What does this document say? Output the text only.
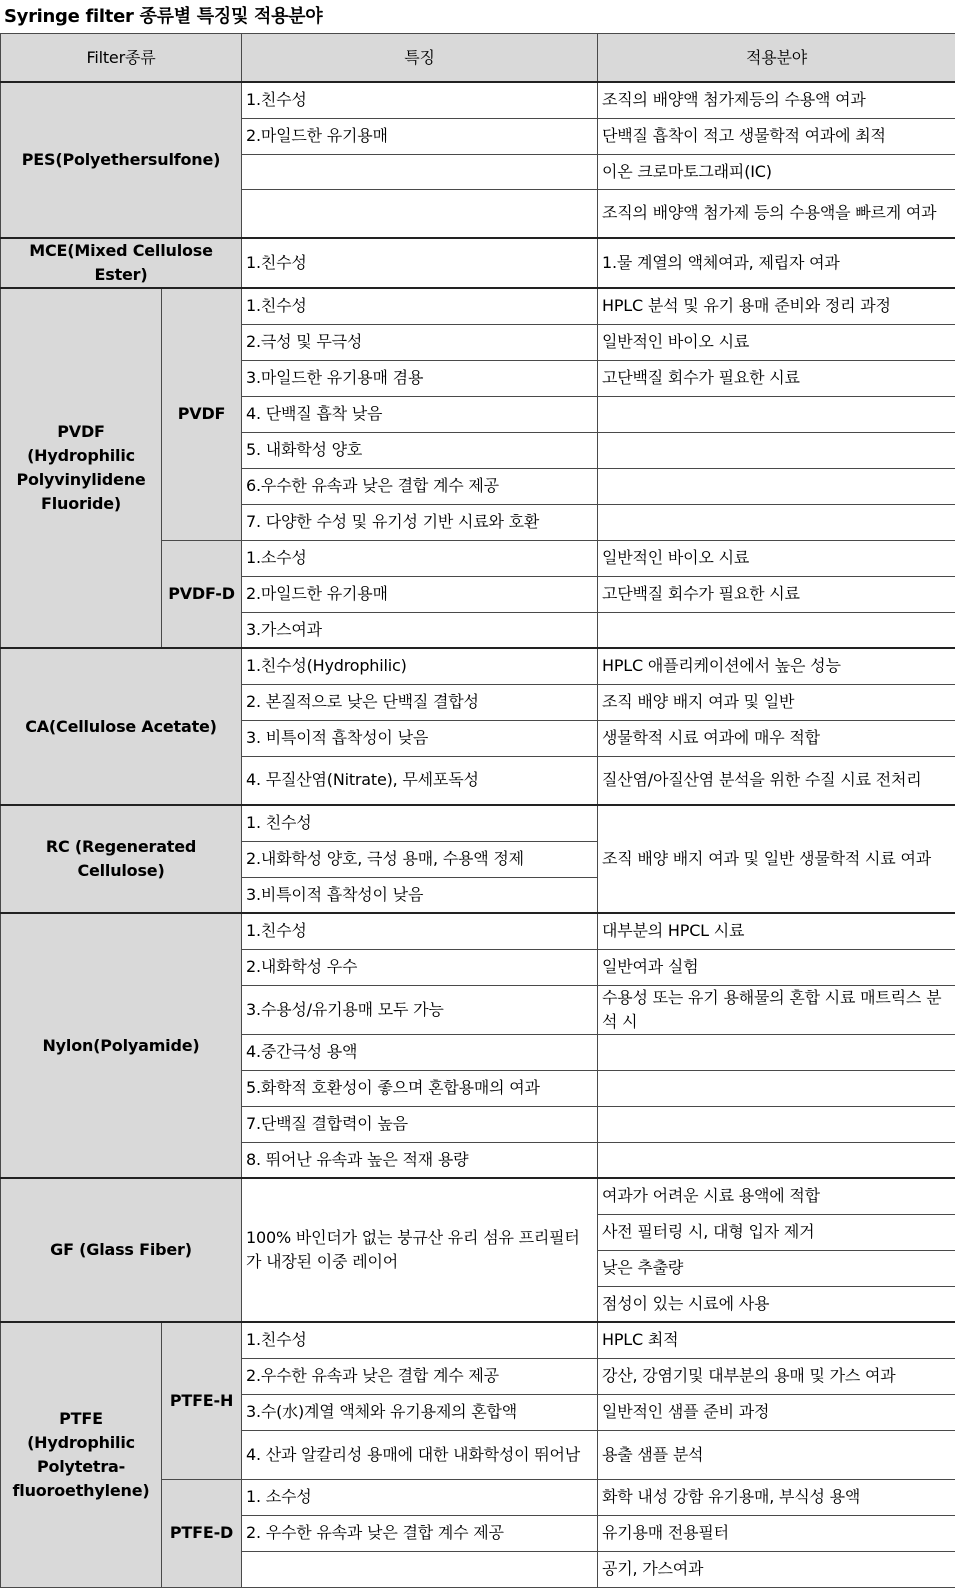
Syringe filter 종류별 특징및 적용분야
Filter종류		특징	적용분야
PES(Polyethersulfone)		1.친수성	조직의 배양액 첨가제등의 수용액 여과
		2.마일드한 유기용매	단백질 흡착이 적고 생물학적 여과에 최적
			이온 크로마토그래피(IC)
			조직의 배양액 첨가제 등의 수용액을 빠르게 여과
MCE(Mixed Cellulose Ester)		1.친수성	1.물 계열의 액체여과, 제립자 여과

PVDF
(Hydrophilic
Polyvinylidene
Fluoride)	PVDF	1.친수성	HPLC 분석 및 유기 용매 준비와 정리 과정
		2.극성 및 무극성	일반적인 바이오 시료
		3.마일드한 유기용매 겸용	고단백질 회수가 필요한 시료
		4. 단백질 흡착 낮음	
		5. 내화학성 양호	
		6.우수한 유속과 낮은 결합 계수 제공	
		7. 다양한 수성 및 유기성 기반 시료와 호환	
	PVDF-D	1.소수성	일반적인 바이오 시료
		2.마일드한 유기용매	고단백질 회수가 필요한 시료
		3.가스여과	
CA(Cellulose Acetate)		1.친수성(Hydrophilic)	HPLC 애플리케이션에서 높은 성능
		2. 본질적으로 낮은 단백질 결합성	조직 배양 배지 여과 및 일반
		3. 비특이적 흡착성이 낮음	생물학적 시료 여과에 매우 적합
		4. 무질산염(Nitrate), 무세포독성	질산염/아질산염 분석을 위한 수질 시료 전처리
RC (Regenerated Cellulose)		1. 친수성	조직 배양 배지 여과 및 일반 생물학적 시료 여과
		2.내화학성 양호, 극성 용매, 수용액 정제	
		3.비특이적 흡착성이 낮음	
Nylon(Polyamide)		1.친수성	대부분의 HPCL 시료
		2.내화학성 우수	일반여과 실험
		3.수용성/유기용매 모두 가능	수용성 또는 유기 용해물의 혼합 시료 매트릭스 분석 시
		4.중간극성 용액	
		5.화학적 호환성이 좋으며 혼합용매의 여과	
		7.단백질 결합력이 높음	
		8. 뛰어난 유속과 높은 적재 용량	
GF (Glass Fiber)		100% 바인더가 없는 붕규산 유리 섬유 프리필터가 내장된 이중 레이어	여과가 어려운 시료 용액에 적합
			사전 필터링 시, 대형 입자 제거
			낮은 추출량
			점성이 있는 시료에 사용

PTFE
(Hydrophilic
Polytetra-
fluoroethylene)	PTFE-H	1.친수성	HPLC 최적
		2.우수한 유속과 낮은 결합 계수 제공	강산, 강염기및 대부분의 용매 및 가스 여과
		3.수(水)계열 액체와 유기용제의 혼합액	일반적인 샘플 준비 과정
		4. 산과 알칼리성 용매에 대한 내화학성이 뛰어남	용출 샘플 분석
	PTFE-D	1. 소수성	화학 내성 강함 유기용매, 부식성 용액
		2. 우수한 유속과 낮은 결합 계수 제공	유기용매 전용필터
			공기, 가스여과
